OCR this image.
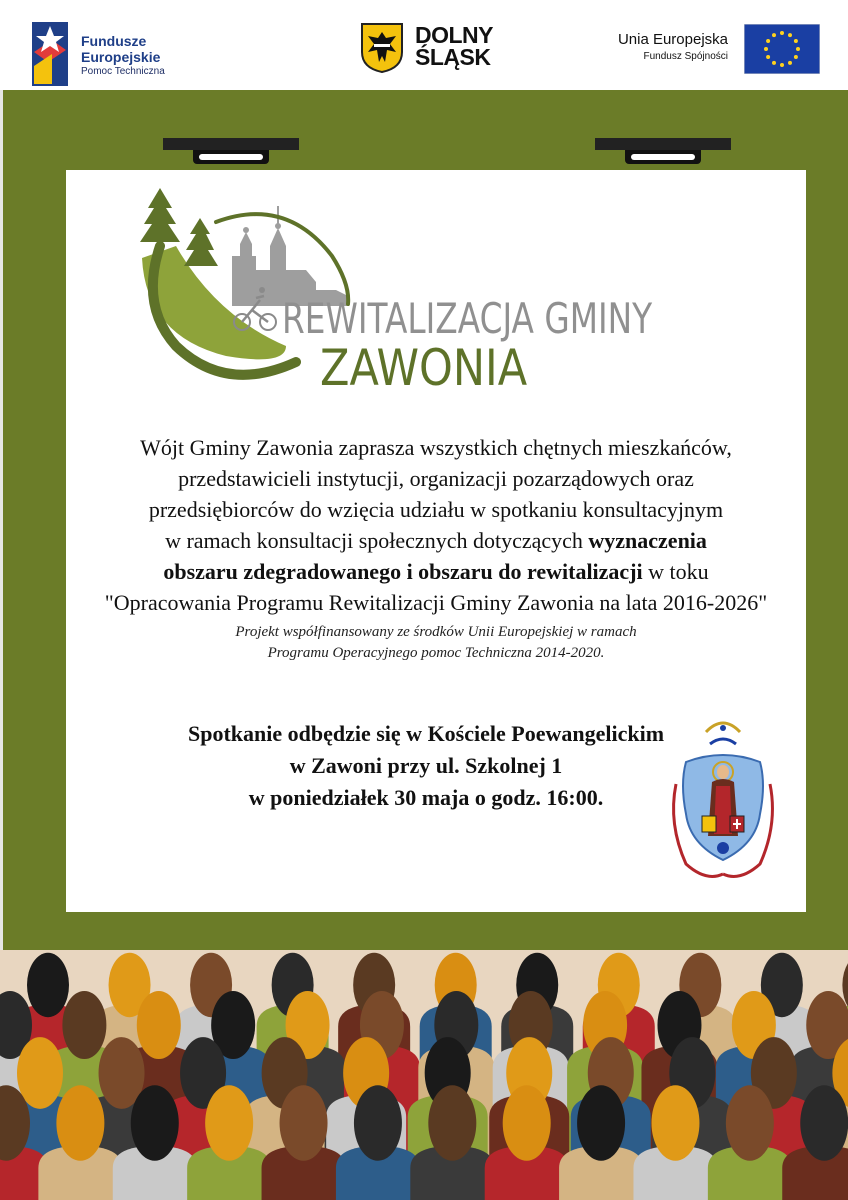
Fundusze
Europejskie
Pomoc Techniczna
DOLNY
ŚLĄSK
Unia Europejska
Fundusz Spójności
REWITALIZACJA GMINY
ZAWONIA
Wójt Gminy Zawonia zaprasza wszystkich chętnych mieszkańców,
przedstawicieli instytucji, organizacji pozarządowych oraz
przedsiębiorców do wzięcia udziału w spotkaniu konsultacyjnym
w ramach konsultacji społecznych dotyczących wyznaczenia
obszaru zdegradowanego i obszaru do rewitalizacji w toku
"Opracowania Programu Rewitalizacji Gminy Zawonia na lata 2016-2026"
Projekt współfinansowany ze środków Unii Europejskiej w ramach
Programu Operacyjnego pomoc Techniczna 2014-2020.
Spotkanie odbędzie się w Kościele Poewangelickim
w Zawoni przy ul. Szkolnej 1
w poniedziałek 30 maja o godz. 16:00.
